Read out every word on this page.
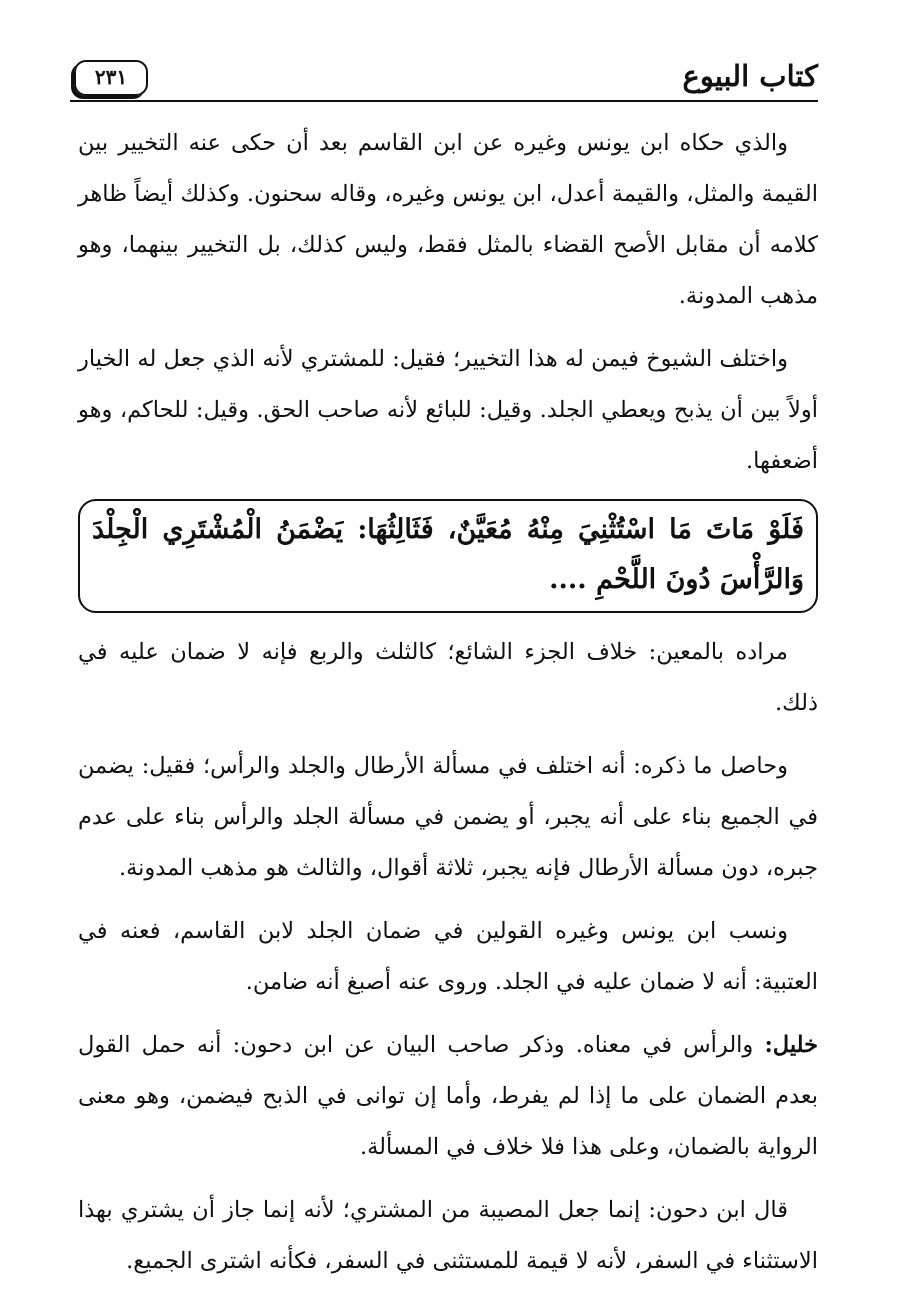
كتاب البيوع
٢٣١

والذي حكاه ابن يونس وغيره عن ابن القاسم بعد أن حكى عنه التخيير بين القيمة والمثل، والقيمة أعدل، ابن يونس وغيره، وقاله سحنون. وكذلك أيضاً ظاهر كلامه أن مقابل الأصح القضاء بالمثل فقط، وليس كذلك، بل التخيير بينهما، وهو مذهب المدونة.

واختلف الشيوخ فيمن له هذا التخيير؛ فقيل: للمشتري لأنه الذي جعل له الخيار أولاً بين أن يذبح ويعطي الجلد. وقيل: للبائع لأنه صاحب الحق. وقيل: للحاكم، وهو أضعفها.

فَلَوْ مَاتَ مَا اسْتُثْنِيَ مِنْهُ مُعَيَّنٌ، فَثَالِثُهَا: يَضْمَنُ الْمُشْتَرِي الْجِلْدَ وَالرَّأْسَ دُونَ اللَّحْمِ ....

مراده بالمعين: خلاف الجزء الشائع؛ كالثلث والربع فإنه لا ضمان عليه في ذلك.

وحاصل ما ذكره: أنه اختلف في مسألة الأرطال والجلد والرأس؛ فقيل: يضمن في الجميع بناء على أنه يجبر، أو يضمن في مسألة الجلد والرأس بناء على عدم جبره، دون مسألة الأرطال فإنه يجبر، ثلاثة أقوال، والثالث هو مذهب المدونة.

ونسب ابن يونس وغيره القولين في ضمان الجلد لابن القاسم، فعنه في العتبية: أنه لا ضمان عليه في الجلد. وروى عنه أصبغ أنه ضامن.

خليل: والرأس في معناه. وذكر صاحب البيان عن ابن دحون: أنه حمل القول بعدم الضمان على ما إذا لم يفرط، وأما إن توانى في الذبح فيضمن، وهو معنى الرواية بالضمان، وعلى هذا فلا خلاف في المسألة.

قال ابن دحون: إنما جعل المصيبة من المشتري؛ لأنه إنما جاز أن يشتري بهذا الاستثناء في السفر، لأنه لا قيمة للمستثنى في السفر، فكأنه اشترى الجميع.
